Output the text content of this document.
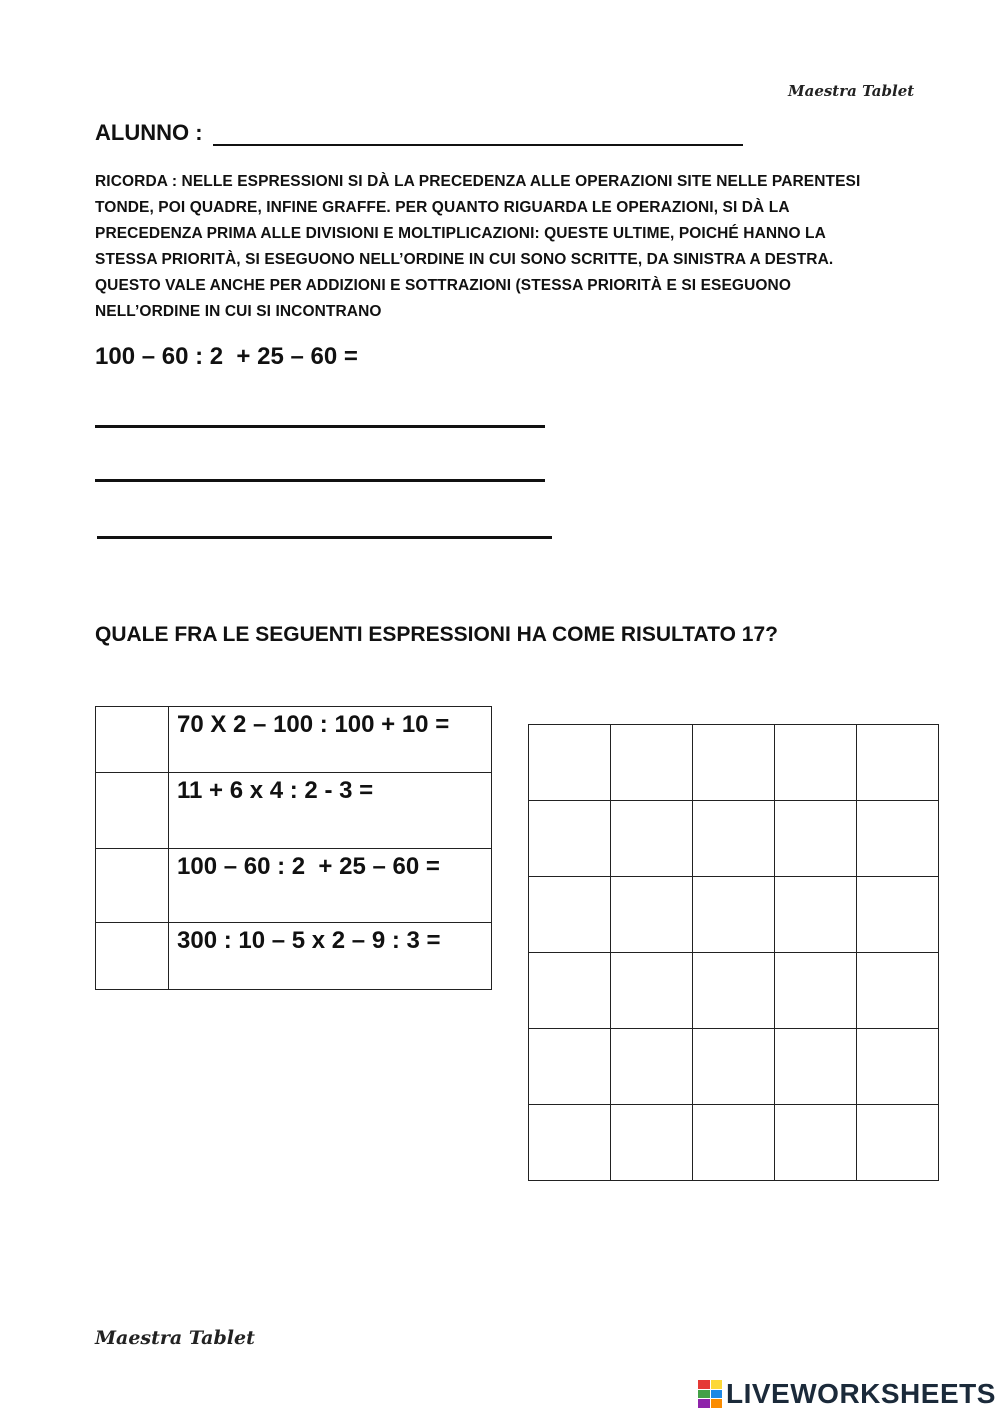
Maestra Tablet
ALUNNO :
RICORDA : NELLE ESPRESSIONI SI DÀ LA PRECEDENZA ALLE OPERAZIONI SITE NELLE PARENTESI
TONDE, POI QUADRE, INFINE GRAFFE. PER QUANTO RIGUARDA LE OPERAZIONI, SI DÀ LA
PRECEDENZA PRIMA ALLE DIVISIONI E MOLTIPLICAZIONI: QUESTE ULTIME, POICHÉ HANNO LA
STESSA PRIORITÀ, SI ESEGUONO NELL’ORDINE IN CUI SONO SCRITTE, DA SINISTRA A DESTRA.
QUESTO VALE ANCHE PER ADDIZIONI E SOTTRAZIONI (STESSA PRIORITÀ E SI ESEGUONO
NELL’ORDINE IN CUI SI INCONTRANO
100 – 60 : 2  + 25 – 60 =
QUALE FRA LE SEGUENTI ESPRESSIONI HA COME RISULTATO 17?
	70 X 2 – 100 : 100 + 10 =
	11 + 6 x 4 : 2 - 3 =
	100 – 60 : 2  + 25 – 60 =
	300 : 10 – 5 x 2 – 9 : 3 =

Maestra Tablet
LIVEWORKSHEETS
